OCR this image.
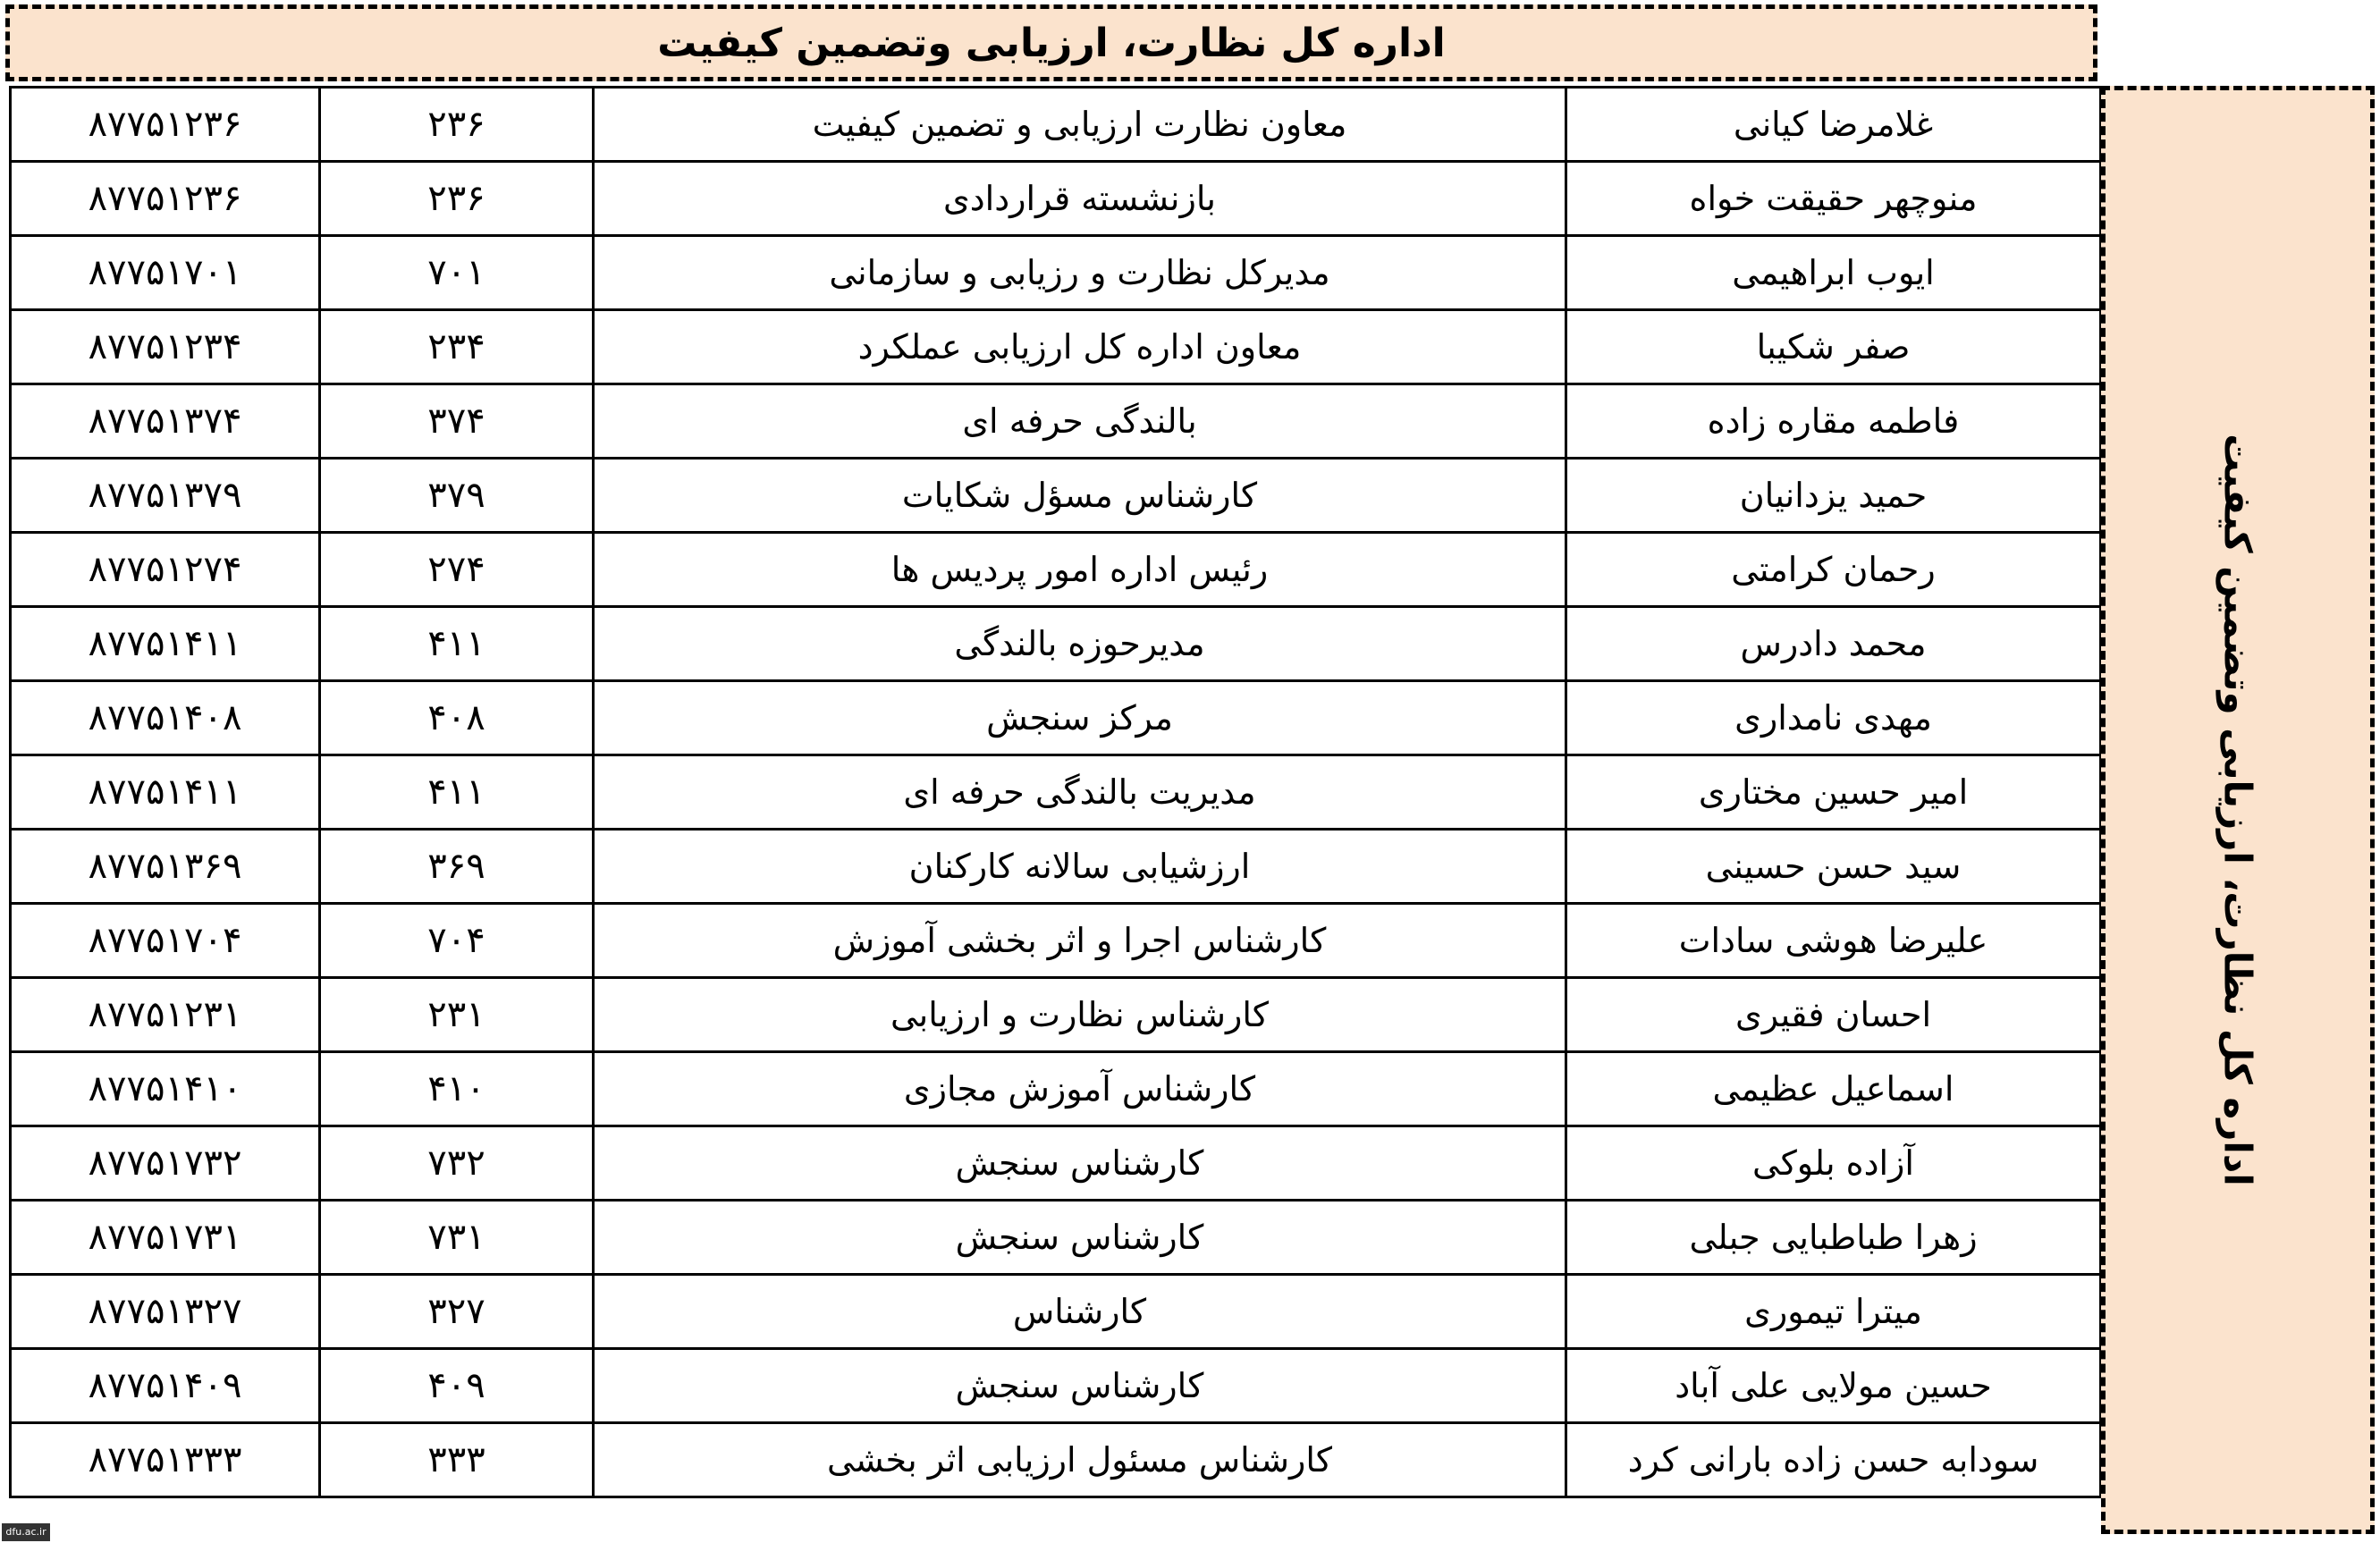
اداره کل نظارت، ارزیابی وتضمین کیفیت
۸۷۷۵۱۲۳۶	۲۳۶	معاون نظارت ارزیابی و تضمین کیفیت	غلامرضا کیانی
۸۷۷۵۱۲۳۶	۲۳۶	بازنشسته قراردادی	منوچهر حقیقت خواه
۸۷۷۵۱۷۰۱	۷۰۱	مدیرکل نظارت و رزیابی و سازمانی	ایوب ابراهیمی
۸۷۷۵۱۲۳۴	۲۳۴	معاون اداره کل ارزیابی عملکرد	صفر شکیبا
۸۷۷۵۱۳۷۴	۳۷۴	بالندگی حرفه ای	فاطمه مقاره زاده
۸۷۷۵۱۳۷۹	۳۷۹	کارشناس مسؤل شکایات	حمید یزدانیان
۸۷۷۵۱۲۷۴	۲۷۴	رئیس اداره امور پردیس ها	رحمان کرامتی
۸۷۷۵۱۴۱۱	۴۱۱	مدیرحوزه بالندگی	محمد دادرس
۸۷۷۵۱۴۰۸	۴۰۸	مرکز سنجش	مهدی نامداری
۸۷۷۵۱۴۱۱	۴۱۱	مدیریت بالندگی حرفه ای	امیر حسین مختاری
۸۷۷۵۱۳۶۹	۳۶۹	ارزشیابی سالانه کارکنان	سید حسن حسینی
۸۷۷۵۱۷۰۴	۷۰۴	کارشناس اجرا و اثر بخشی آموزش	علیرضا هوشی سادات
۸۷۷۵۱۲۳۱	۲۳۱	کارشناس نظارت و ارزیابی	احسان فقیری
۸۷۷۵۱۴۱۰	۴۱۰	کارشناس آموزش مجازی	اسماعیل عظیمی
۸۷۷۵۱۷۳۲	۷۳۲	کارشناس سنجش	آزاده بلوکی
۸۷۷۵۱۷۳۱	۷۳۱	کارشناس سنجش	زهرا طباطبایی جبلی
۸۷۷۵۱۳۲۷	۳۲۷	کارشناس	میترا تیموری
۸۷۷۵۱۴۰۹	۴۰۹	کارشناس سنجش	حسین مولایی علی آباد
۸۷۷۵۱۳۳۳	۳۳۳	کارشناس مسئول ارزیابی اثر بخشی	سودابه حسن زاده بارانی کرد
اداره کل نظارت، ارزیابی وتضمین کیفیت
dfu.ac.ir
